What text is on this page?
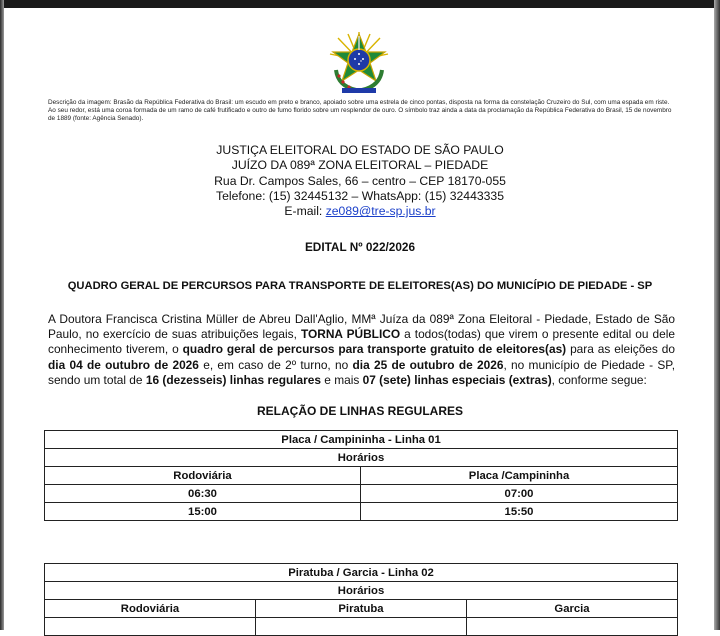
Descrição da imagem: Brasão da República Federativa do Brasil: um escudo em preto e branco, apoiado sobre uma estrela de cinco pontas, disposta na forma da constelação Cruzeiro do Sul, com uma espada em riste. Ao seu redor, está uma coroa formada de um ramo de café frutificado e outro de fumo florido sobre um resplendor de ouro. O símbolo traz ainda a data da proclamação da República Federativa do Brasil, 15 de novembro de 1889 (fonte: Agência Senado).
JUSTIÇA ELEITORAL DO ESTADO DE SÃO PAULO
JUÍZO DA 089ª ZONA ELEITORAL – PIEDADE
Rua Dr. Campos Sales, 66 – centro – CEP 18170-055
Telefone: (15) 32445132 – WhatsApp: (15) 32443335
E-mail: ze089@tre-sp.jus.br
EDITAL Nº 022/2026
QUADRO GERAL DE PERCURSOS PARA TRANSPORTE DE ELEITORES(AS) DO MUNICÍPIO DE PIEDADE - SP
A Doutora Francisca Cristina Müller de Abreu Dall'Aglio, MMª Juíza da 089ª Zona Eleitoral - Piedade, Estado de São Paulo, no exercício de suas atribuições legais, TORNA PÚBLICO a todos(todas) que virem o presente edital ou dele conhecimento tiverem, o quadro geral de percursos para transporte gratuito de eleitores(as) para as eleições do dia 04 de outubro de 2026 e, em caso de 2º turno, no dia 25 de outubro de 2026, no município de Piedade - SP, sendo um total de 16 (dezesseis) linhas regulares e mais 07 (sete) linhas especiais (extras), conforme segue:
RELAÇÃO DE LINHAS REGULARES
Placa / Campininha - Linha 01	
Horários	
Rodoviária	Placa /Campininha
06:30	07:00
15:00	15:50
Piratuba / Garcia - Linha 02		
Horários		
Rodoviária	Piratuba	Garcia
